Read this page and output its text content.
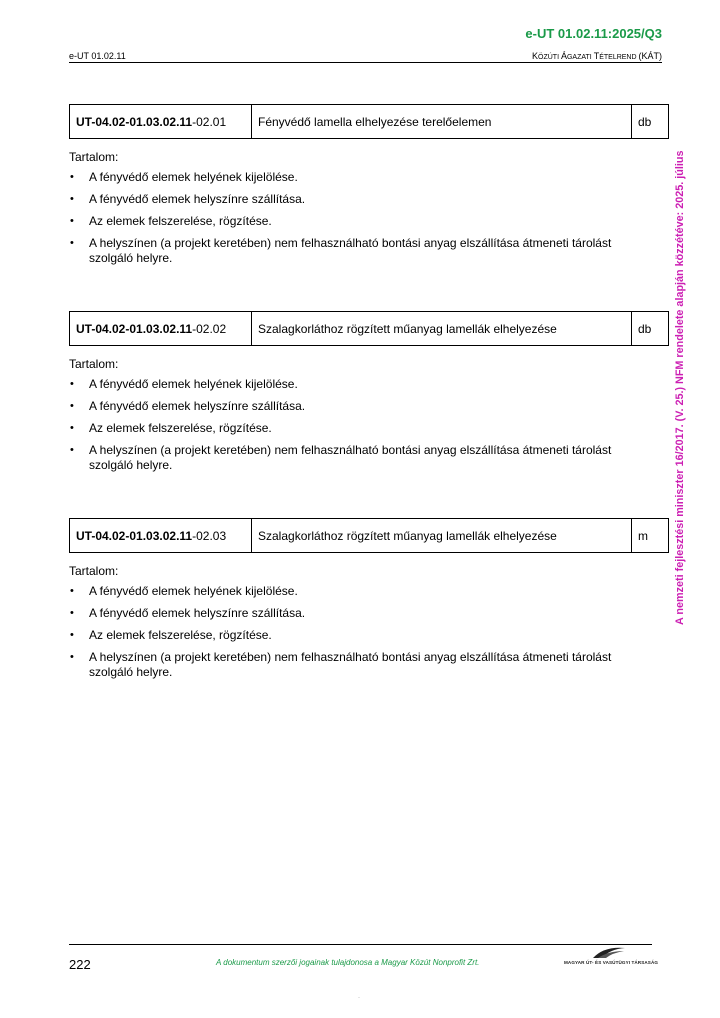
e-UT 01.02.11:2025/Q3
e-UT 01.02.11	KÖZÚTI ÁGAZATI TÉTELREND (KÁT)
A nemzeti fejlesztési miniszter 16/2017. (V. 25.) NFM rendelete alapján közzétéve: 2025. július
UT-04.02-01.03.02.11-02.01	Fényvédő lamella elhelyezése terelőelemen	db
Tartalom:
• A fényvédő elemek helyének kijelölése.
• A fényvédő elemek helyszínre szállítása.
• Az elemek felszerelése, rögzítése.
• A helyszínen (a projekt keretében) nem felhasználható bontási anyag elszállítása átmeneti tárolást szolgáló helyre.
UT-04.02-01.03.02.11-02.02	Szalagkorláthoz rögzített műanyag lamellák elhelyezése	db
Tartalom:
• A fényvédő elemek helyének kijelölése.
• A fényvédő elemek helyszínre szállítása.
• Az elemek felszerelése, rögzítése.
• A helyszínen (a projekt keretében) nem felhasználható bontási anyag elszállítása átmeneti tárolást szolgáló helyre.
UT-04.02-01.03.02.11-02.03	Szalagkorláthoz rögzített műanyag lamellák elhelyezése	m
Tartalom:
• A fényvédő elemek helyének kijelölése.
• A fényvédő elemek helyszínre szállítása.
• Az elemek felszerelése, rögzítése.
• A helyszínen (a projekt keretében) nem felhasználható bontási anyag elszállítása átmeneti tárolást szolgáló helyre.
222	A dokumentum szerzői jogainak tulajdonosa a Magyar Közút Nonprofit Zrt.	MAGYAR ÚT- ÉS VASÚTÜGYI TÁRSASÁG
·
